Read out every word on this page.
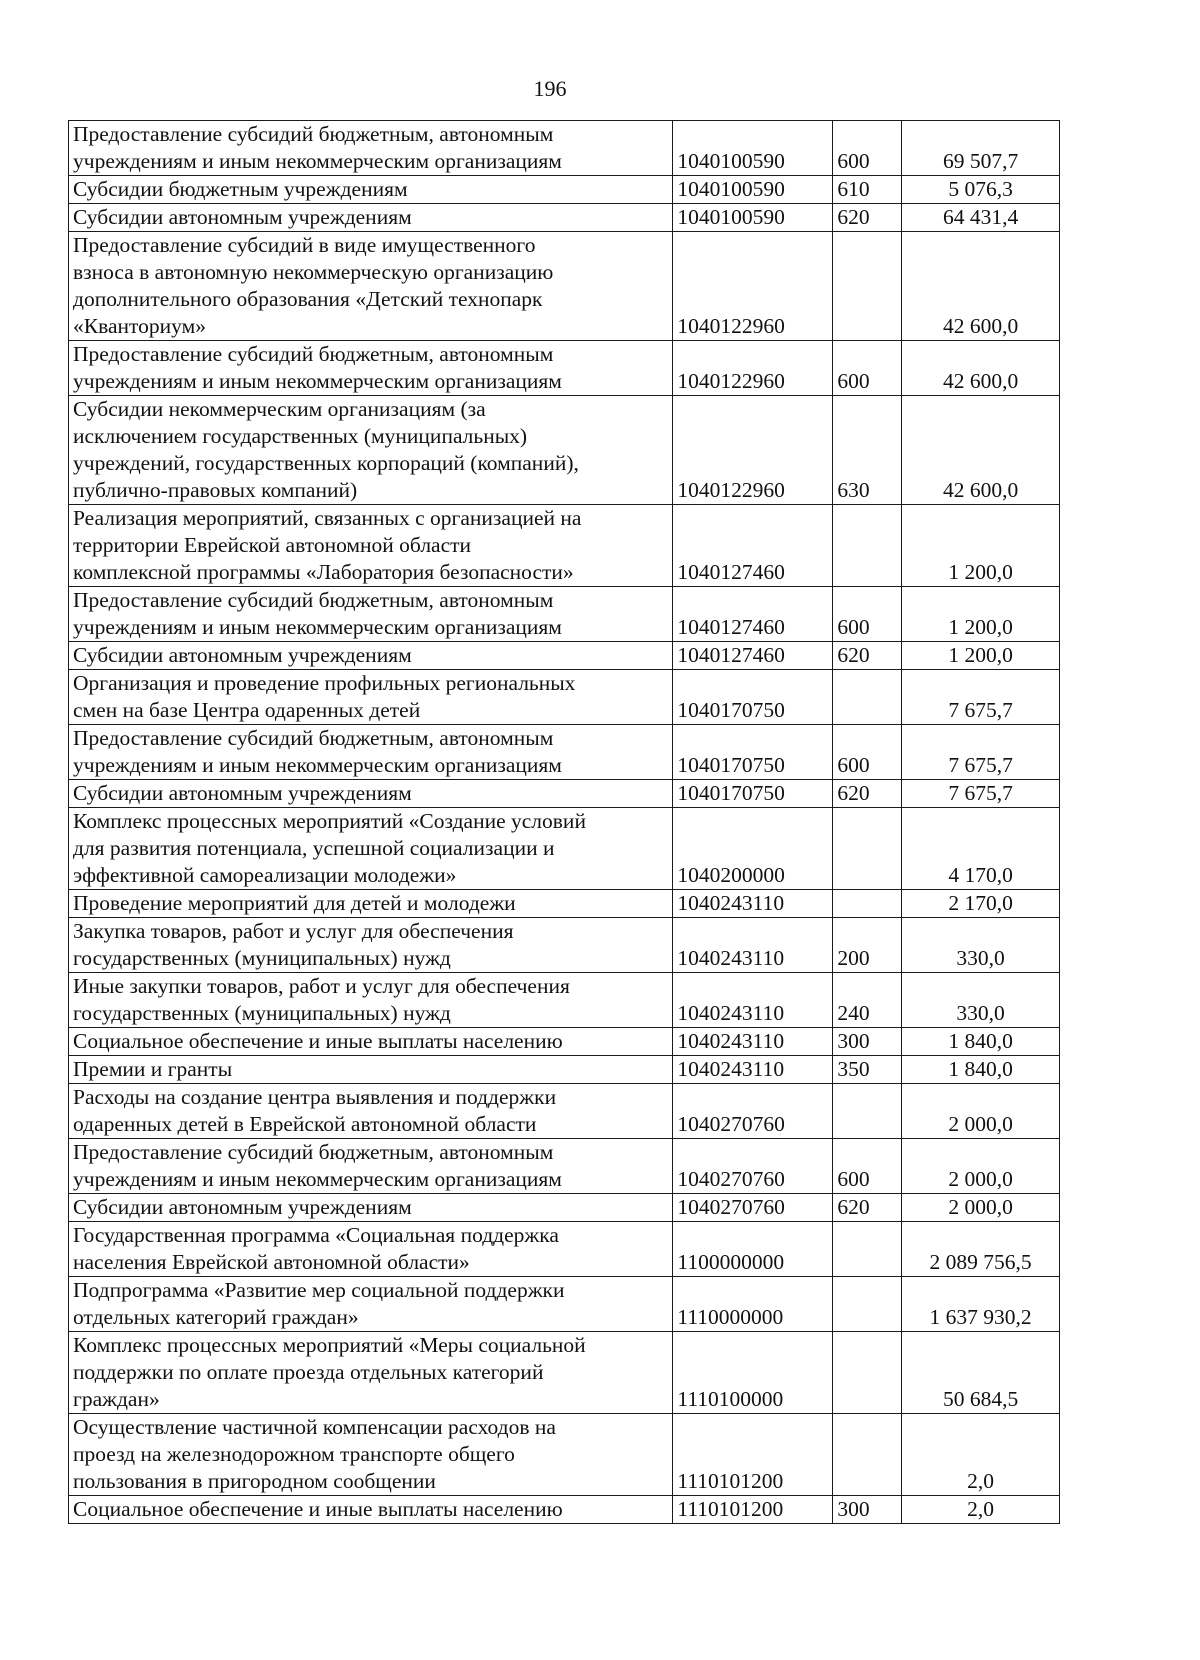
196
Предоставление субсидий бюджетным, автономным
учреждениям и иным некоммерческим организациям	1040100590	600	69 507,7

Субсидии бюджетным учреждениям	1040100590	610	5 076,3

Субсидии автономным учреждениям	1040100590	620	64 431,4

Предоставление субсидий в виде имущественного
взноса в автономную некоммерческую организацию
дополнительного образования «Детский технопарк
«Кванториум»	1040122960		42 600,0

Предоставление субсидий бюджетным, автономным
учреждениям и иным некоммерческим организациям	1040122960	600	42 600,0

Субсидии некоммерческим организациям (за
исключением государственных (муниципальных)
учреждений, государственных корпораций (компаний),
публично-правовых компаний)	1040122960	630	42 600,0

Реализация мероприятий, связанных с организацией на
территории Еврейской автономной области
комплексной программы «Лаборатория безопасности»	1040127460		1 200,0

Предоставление субсидий бюджетным, автономным
учреждениям и иным некоммерческим организациям	1040127460	600	1 200,0

Субсидии автономным учреждениям	1040127460	620	1 200,0

Организация и проведение профильных региональных
смен на базе Центра одаренных детей	1040170750		7 675,7

Предоставление субсидий бюджетным, автономным
учреждениям и иным некоммерческим организациям	1040170750	600	7 675,7

Субсидии автономным учреждениям	1040170750	620	7 675,7

Комплекс процессных мероприятий «Создание условий
для развития потенциала, успешной социализации и
эффективной самореализации молодежи»	1040200000		4 170,0

Проведение мероприятий для детей и молодежи	1040243110		2 170,0

Закупка товаров, работ и услуг для обеспечения
государственных (муниципальных) нужд	1040243110	200	330,0

Иные закупки товаров, работ и услуг для обеспечения
государственных (муниципальных) нужд	1040243110	240	330,0

Социальное обеспечение и иные выплаты населению	1040243110	300	1 840,0

Премии и гранты	1040243110	350	1 840,0

Расходы на создание центра выявления и поддержки
одаренных детей в Еврейской автономной области	1040270760		2 000,0

Предоставление субсидий бюджетным, автономным
учреждениям и иным некоммерческим организациям	1040270760	600	2 000,0

Субсидии автономным учреждениям	1040270760	620	2 000,0

Государственная программа «Социальная поддержка
населения Еврейской автономной области»	1100000000		2 089 756,5

Подпрограмма «Развитие мер социальной поддержки
отдельных категорий граждан»	1110000000		1 637 930,2

Комплекс процессных мероприятий «Меры социальной
поддержки по оплате проезда отдельных категорий
граждан»	1110100000		50 684,5

Осуществление частичной компенсации расходов на
проезд на железнодорожном транспорте общего
пользования в пригородном сообщении	1110101200		2,0

Социальное обеспечение и иные выплаты населению	1110101200	300	2,0
